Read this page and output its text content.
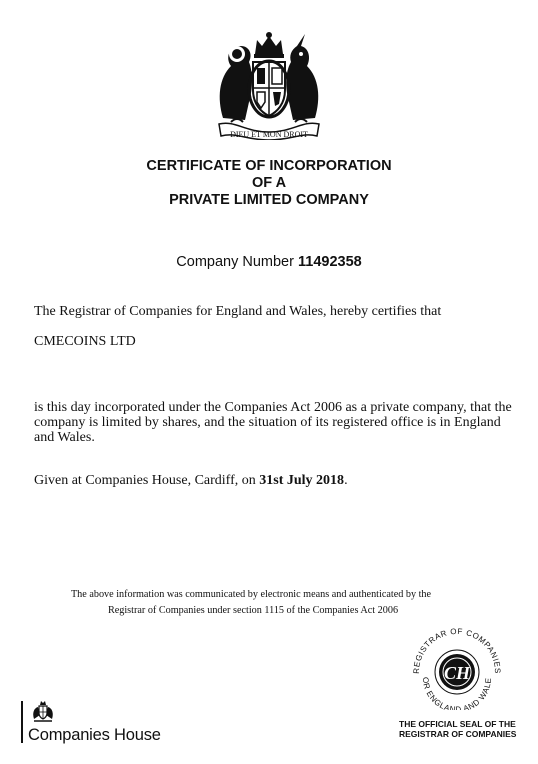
DIEU ET MON DROIT
CERTIFICATE OF INCORPORATION
OF A
PRIVATE LIMITED COMPANY
Company Number 11492358
The Registrar of Companies for England and Wales, hereby certifies that
CMECOINS LTD
is this day incorporated under the Companies Act 2006 as a private company, that the company is limited by shares, and the situation of its registered office is in England and Wales.
Given at Companies House, Cardiff, on 31st July 2018.
The above information was communicated by electronic means and authenticated by the
Registrar of Companies under section 1115 of the Companies Act 2006
Companies House
CH
REGISTRAR OF COMPANIES
OR ENGLAND AND WALE
THE OFFICIAL SEAL OF THE
REGISTRAR OF COMPANIES
